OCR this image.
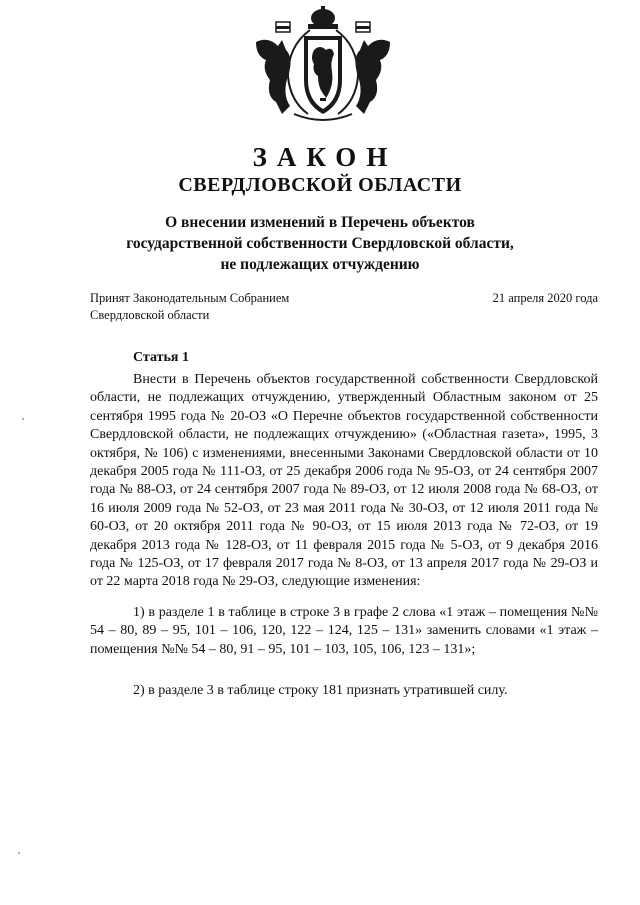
ЗАКОН
СВЕРДЛОВСКОЙ ОБЛАСТИ
О внесении изменений в Перечень объектов
государственной собственности Свердловской области,
не подлежащих отчуждению
Принят Законодательным Собранием
Свердловской области
21 апреля 2020 года
Статья 1

Внести в Перечень объектов государственной собственности Свердловской области, не подлежащих отчуждению, утвержденный Областным законом от 25 сентября 1995 года № 20-ОЗ «О Перечне объектов государственной собственности Свердловской области, не подлежащих отчуждению» («Областная газета», 1995, 3 октября, № 106) с изменениями, внесенными Законами Свердловской области от 10 декабря 2005 года № 111-ОЗ, от 25 декабря 2006 года № 95-ОЗ, от 24 сентября 2007 года № 88-ОЗ, от 24 сентября 2007 года № 89-ОЗ, от 12 июля 2008 года № 68-ОЗ, от 16 июля 2009 года № 52-ОЗ, от 23 мая 2011 года № 30-ОЗ, от 12 июля 2011 года № 60-ОЗ, от 20 октября 2011 года № 90-ОЗ, от 15 июля 2013 года № 72-ОЗ, от 19 декабря 2013 года № 128-ОЗ, от 11 февраля 2015 года № 5-ОЗ, от 9 декабря 2016 года № 125-ОЗ, от 17 февраля 2017 года № 8-ОЗ, от 13 апреля 2017 года № 29-ОЗ и от 22 марта 2018 года № 29-ОЗ, следующие изменения:

1) в разделе 1 в таблице в строке 3 в графе 2 слова «1 этаж – помещения №№ 54 – 80, 89 – 95, 101 – 106, 120, 122 – 124, 125 – 131» заменить словами «1 этаж – помещения №№ 54 – 80, 91 – 95, 101 – 103, 105, 106, 123 – 131»;

2) в разделе 3 в таблице строку 181 признать утратившей силу.
